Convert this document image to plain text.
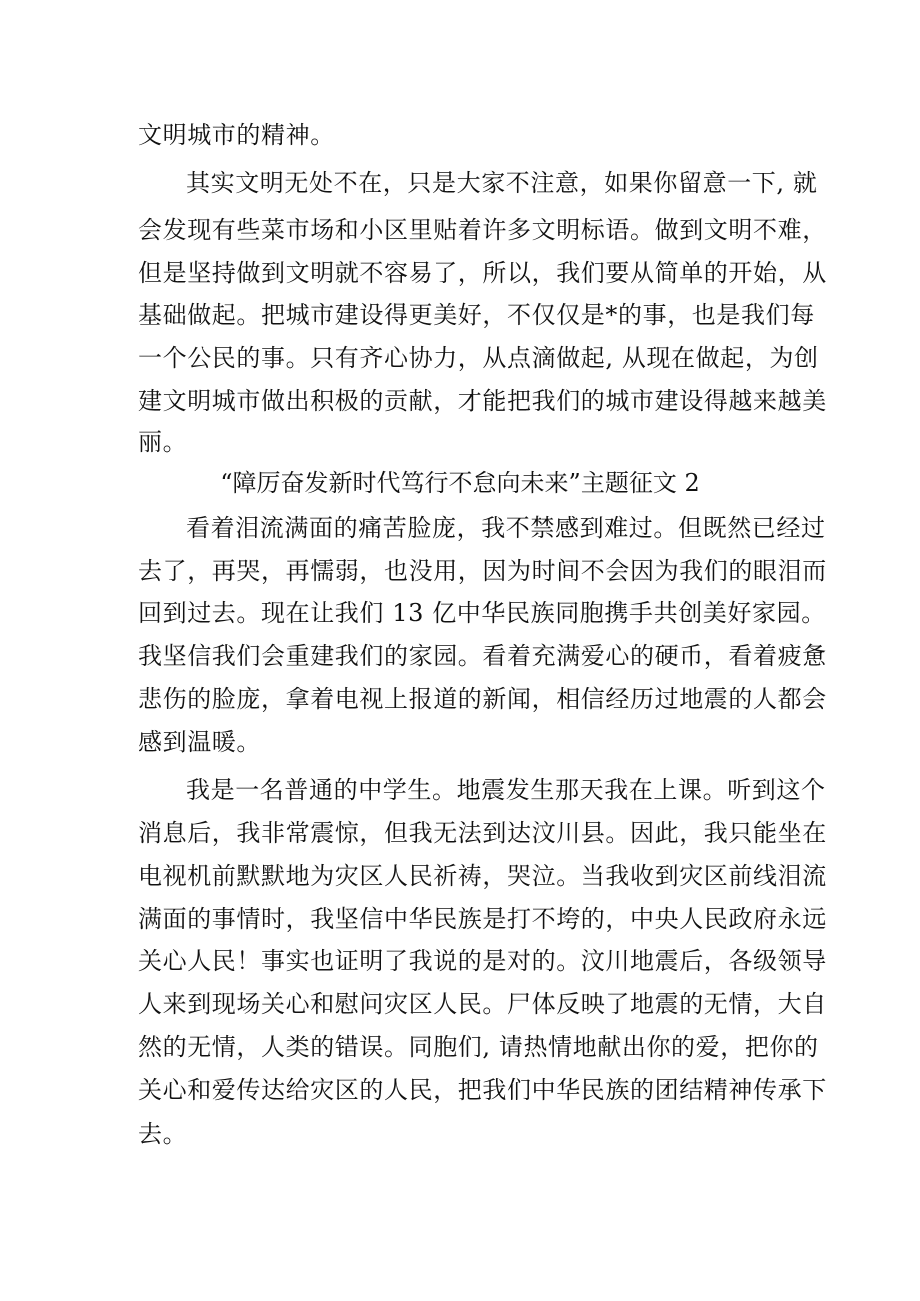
文明城市的精神。
其实文明无处不在，只是大家不注意，如果你留意一下, 就
会发现有些菜市场和小区里贴着许多文明标语。做到文明不难，
但是坚持做到文明就不容易了，所以，我们要从简单的开始，从
基础做起。把城市建设得更美好，不仅仅是*的事，也是我们每
一个公民的事。只有齐心协力，从点滴做起, 从现在做起，为创
建文明城市做出积极的贡献，才能把我们的城市建设得越来越美
丽。
“障厉奋发新时代笃行不怠向未来”主题征文 2
看着泪流满面的痛苦脸庞，我不禁感到难过。但既然已经过
去了，再哭，再懦弱，也没用，因为时间不会因为我们的眼泪而
回到过去。现在让我们 13 亿中华民族同胞携手共创美好家园。
我坚信我们会重建我们的家园。看着充满爱心的硬币，看着疲惫
悲伤的脸庞，拿着电视上报道的新闻，相信经历过地震的人都会
感到温暖。
我是一名普通的中学生。地震发生那天我在上课。听到这个
消息后，我非常震惊，但我无法到达汶川县。因此，我只能坐在
电视机前默默地为灾区人民祈祷，哭泣。当我收到灾区前线泪流
满面的事情时，我坚信中华民族是打不垮的，中央人民政府永远
关心人民！事实也证明了我说的是对的。汶川地震后，各级领导
人来到现场关心和慰问灾区人民。尸体反映了地震的无情，大自
然的无情，人类的错误。同胞们, 请热情地献出你的爱，把你的
关心和爱传达给灾区的人民，把我们中华民族的团结精神传承下
去。
